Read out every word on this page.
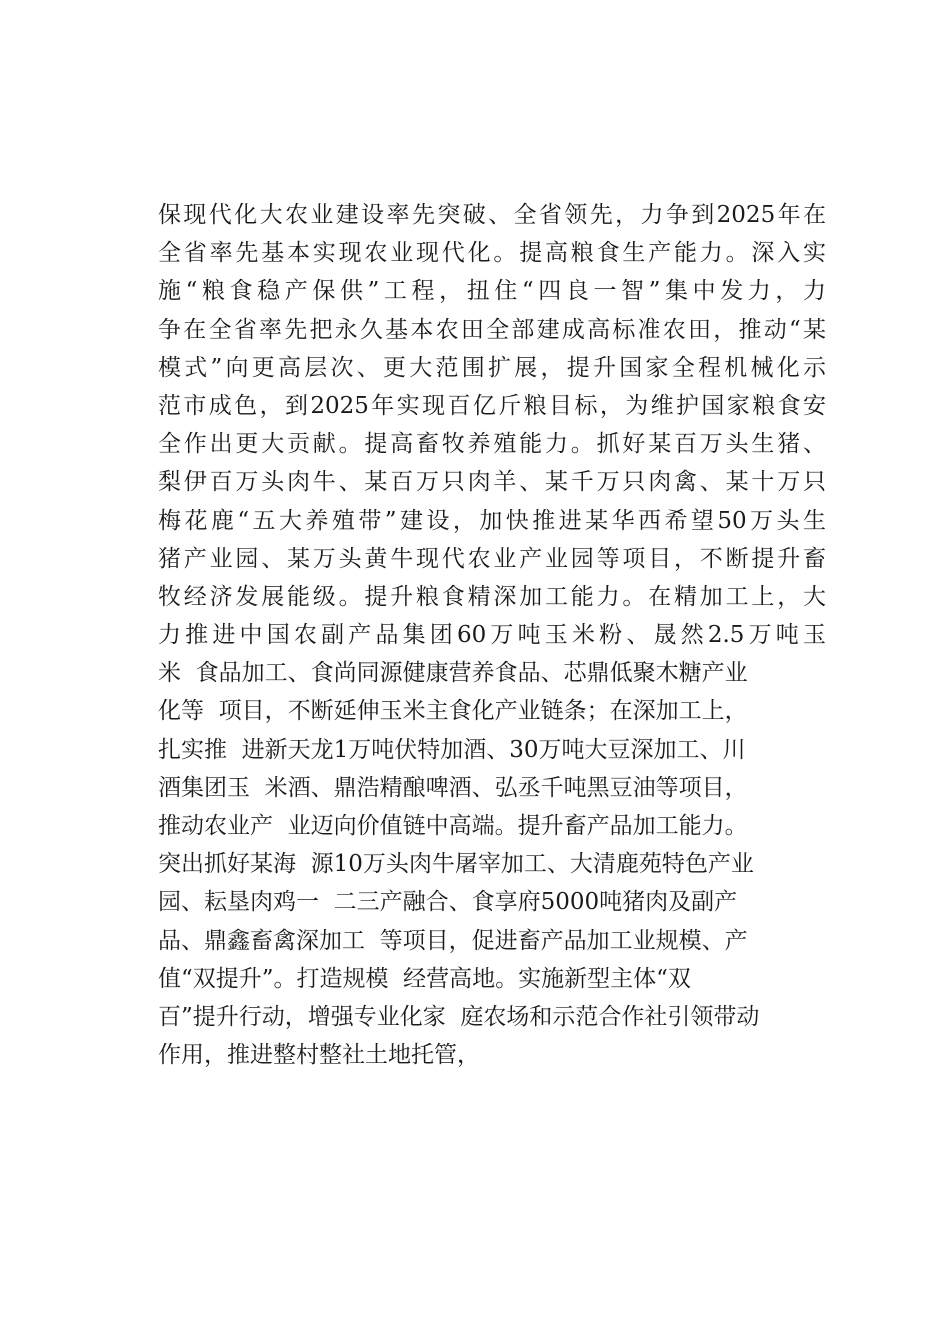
保现代化大农业建设率先突破、全省领先，力争到2025年在
全省率先基本实现农业现代化。提高粮食生产能力。深入实
施“粮食稳产保供”工程，扭住“四良一智”集中发力，力
争在全省率先把永久基本农田全部建成高标准农田，推动“某
模式”向更高层次、更大范围扩展，提升国家全程机械化示
范市成色，到2025年实现百亿斤粮目标，为维护国家粮食安
全作出更大贡献。提高畜牧养殖能力。抓好某百万头生猪、
梨伊百万头肉牛、某百万只肉羊、某千万只肉禽、某十万只
梅花鹿“五大养殖带”建设，加快推进某华西希望50万头生
猪产业园、某万头黄牛现代农业产业园等项目，不断提升畜
牧经济发展能级。提升粮食精深加工能力。在精加工上，大
力推进中国农副产品集团60万吨玉米粉、晟然2.5万吨玉
米  食品加工、食尚同源健康营养食品、芯鼎低聚木糖产业
化等  项目，不断延伸玉米主食化产业链条；在深加工上，
扎实推  进新天龙1万吨伏特加酒、30万吨大豆深加工、川
酒集团玉  米酒、鼎浩精酿啤酒、弘丞千吨黑豆油等项目，
推动农业产  业迈向价值链中高端。提升畜产品加工能力。
突出抓好某海  源10万头肉牛屠宰加工、大清鹿苑特色产业
园、耘垦肉鸡一  二三产融合、食享府5000吨猪肉及副产
品、鼎鑫畜禽深加工  等项目，促进畜产品加工业规模、产
值“双提升”。打造规模  经营高地。实施新型主体“双
百”提升行动，增强专业化家  庭农场和示范合作社引领带动
作用，推进整村整社土地托管，
